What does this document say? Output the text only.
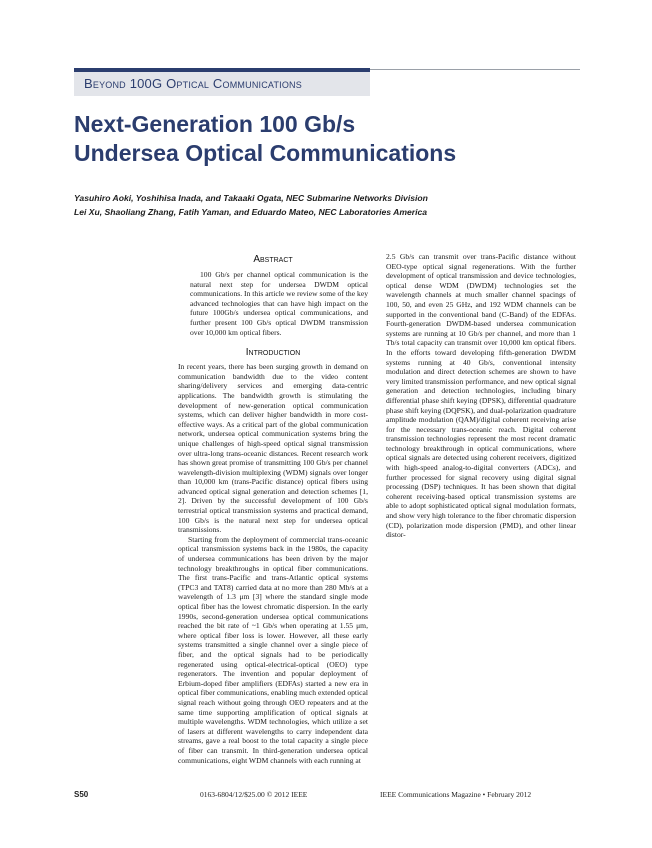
Beyond 100G Optical Communications
Next-Generation 100 Gb/s
Undersea Optical Communications
Yasuhiro Aoki, Yoshihisa Inada, and Takaaki Ogata, NEC Submarine Networks Division
Lei Xu, Shaoliang Zhang, Fatih Yaman, and Eduardo Mateo, NEC Laboratories America
Abstract

100 Gb/s per channel optical communication is the natural next step for undersea DWDM optical communications. In this article we review some of the key advanced technologies that can have high impact on the future 100Gb/s undersea optical communications, and further present 100 Gb/s optical DWDM transmission over 10,000 km optical fibers.

Introduction

In recent years, there has been surging growth in demand on communication bandwidth due to the video content sharing/delivery services and emerging data-centric applications. The bandwidth growth is stimulating the development of new-generation optical communication systems, which can deliver higher bandwidth in more cost-effective ways. As a critical part of the global communication network, undersea optical communication systems bring the unique challenges of high-speed optical signal transmission over ultra-long trans-oceanic distances. Recent research work has shown great promise of transmitting 100 Gb/s per channel wavelength-division multiplexing (WDM) signals over longer than 10,000 km (trans-Pacific distance) optical fibers using advanced optical signal generation and detection schemes [1, 2]. Driven by the successful development of 100 Gb/s terrestrial optical transmission systems and practical demand, 100 Gb/s is the natural next step for undersea optical transmissions.

Starting from the deployment of commercial trans-oceanic optical transmission systems back in the 1980s, the capacity of undersea communications has been driven by the major technology breakthroughs in optical fiber communications. The first trans-Pacific and trans-Atlantic optical systems (TPC3 and TAT8) carried data at no more than 280 Mb/s at a wavelength of 1.3 μm [3] where the standard single mode optical fiber has the lowest chromatic dispersion. In the early 1990s, second-generation undersea optical communications reached the bit rate of ~1 Gb/s when operating at 1.55 μm, where optical fiber loss is lower. However, all these early systems transmitted a single channel over a single piece of fiber, and the optical signals had to be periodically regenerated using optical-electrical-optical (OEO) type regenerators. The invention and popular deployment of Erbium-doped fiber amplifiers (EDFAs) started a new era in optical fiber communications, enabling much extended optical signal reach without going through OEO repeaters and at the same time supporting amplification of optical signals at multiple wavelengths. WDM technologies, which utilize a set of lasers at different wavelengths to carry independent data streams, gave a real boost to the total capacity a single piece of fiber can transmit. In third-generation undersea optical communications, eight WDM channels with each running at

2.5 Gb/s can transmit over trans-Pacific distance without OEO-type optical signal regenerations. With the further development of optical transmission and device technologies, optical dense WDM (DWDM) technologies set the wavelength channels at much smaller channel spacings of 100, 50, and even 25 GHz, and 192 WDM channels can be supported in the conventional band (C-Band) of the EDFAs. Fourth-generation DWDM-based undersea communication systems are running at 10 Gb/s per channel, and more than 1 Tb/s total capacity can transmit over 10,000 km optical fibers. In the efforts toward developing fifth-generation DWDM systems running at 40 Gb/s, conventional intensity modulation and direct detection schemes are shown to have very limited transmission performance, and new optical signal generation and detection technologies, including binary differential phase shift keying (DPSK), differential quadrature phase shift keying (DQPSK), and dual-polarization quadrature amplitude modulation (QAM)/digital coherent receiving arise for the necessary trans-oceanic reach. Digital coherent transmission technologies represent the most recent dramatic technology breakthrough in optical communications, where optical signals are detected using coherent receivers, digitized with high-speed analog-to-digital converters (ADCs), and further processed for signal recovery using digital signal processing (DSP) techniques. It has been shown that digital coherent receiving-based optical transmission systems are able to adopt sophisticated optical signal modulation formats, and show very high tolerance to the fiber chromatic dispersion (CD), polarization mode dispersion (PMD), and other linear distor-

S50	0163-6804/12/$25.00 © 2012 IEEE	IEEE Communications Magazine • February 2012
